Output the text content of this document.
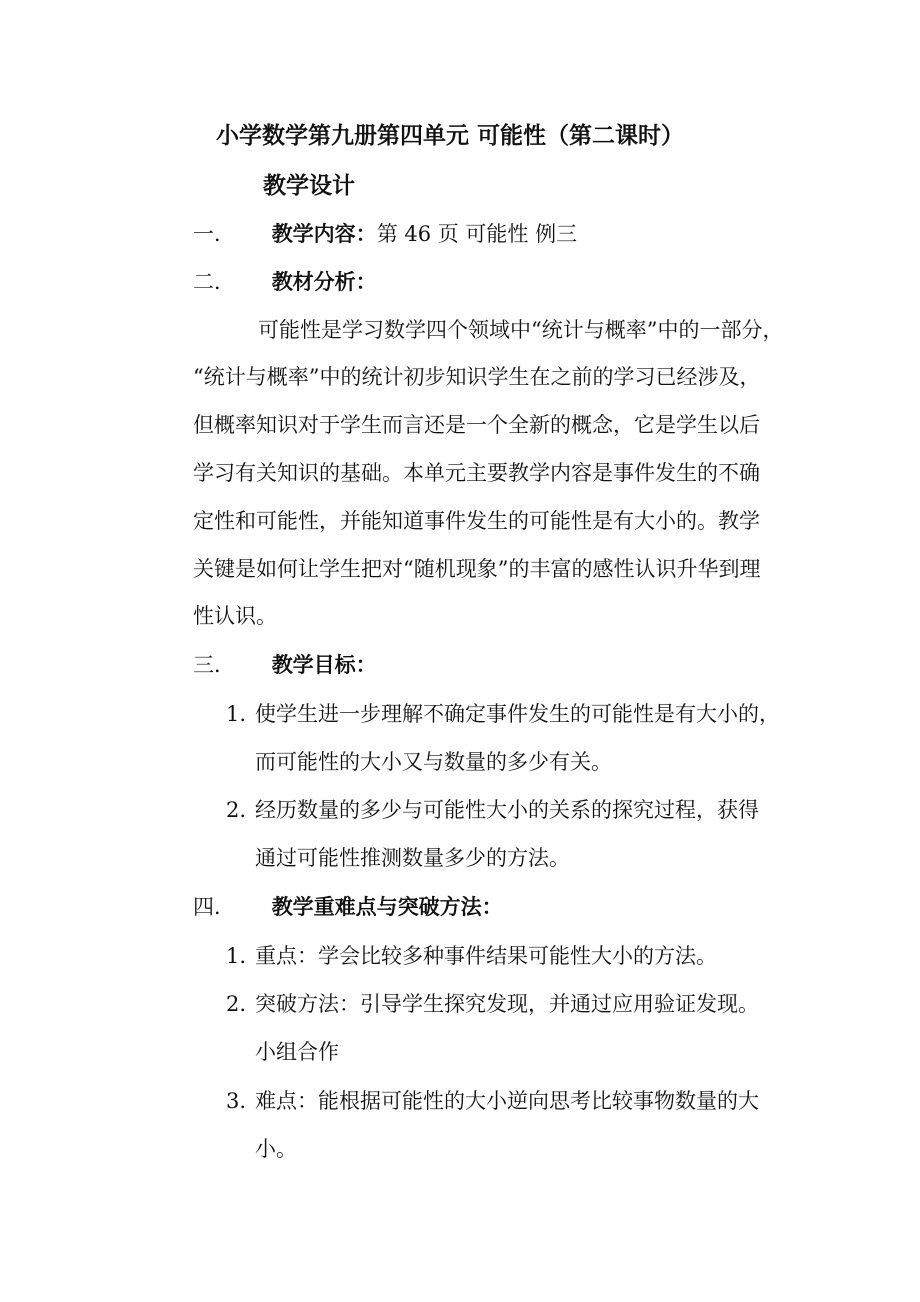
小学数学第九册第四单元 可能性（第二课时）
教学设计
一． 教学内容：第 46 页 可能性 例三
二． 教材分析：
可能性是学习数学四个领域中“统计与概率”中的一部分，
“统计与概率”中的统计初步知识学生在之前的学习已经涉及，
但概率知识对于学生而言还是一个全新的概念，它是学生以后
学习有关知识的基础。本单元主要教学内容是事件发生的不确
定性和可能性，并能知道事件发生的可能性是有大小的。教学
关键是如何让学生把对“随机现象”的丰富的感性认识升华到理
性认识。
三． 教学目标：
1. 使学生进一步理解不确定事件发生的可能性是有大小的，
而可能性的大小又与数量的多少有关。
2. 经历数量的多少与可能性大小的关系的探究过程，获得
通过可能性推测数量多少的方法。
四． 教学重难点与突破方法：
1. 重点：学会比较多种事件结果可能性大小的方法。
2. 突破方法：引导学生探究发现，并通过应用验证发现。
小组合作
3. 难点：能根据可能性的大小逆向思考比较事物数量的大
小。
